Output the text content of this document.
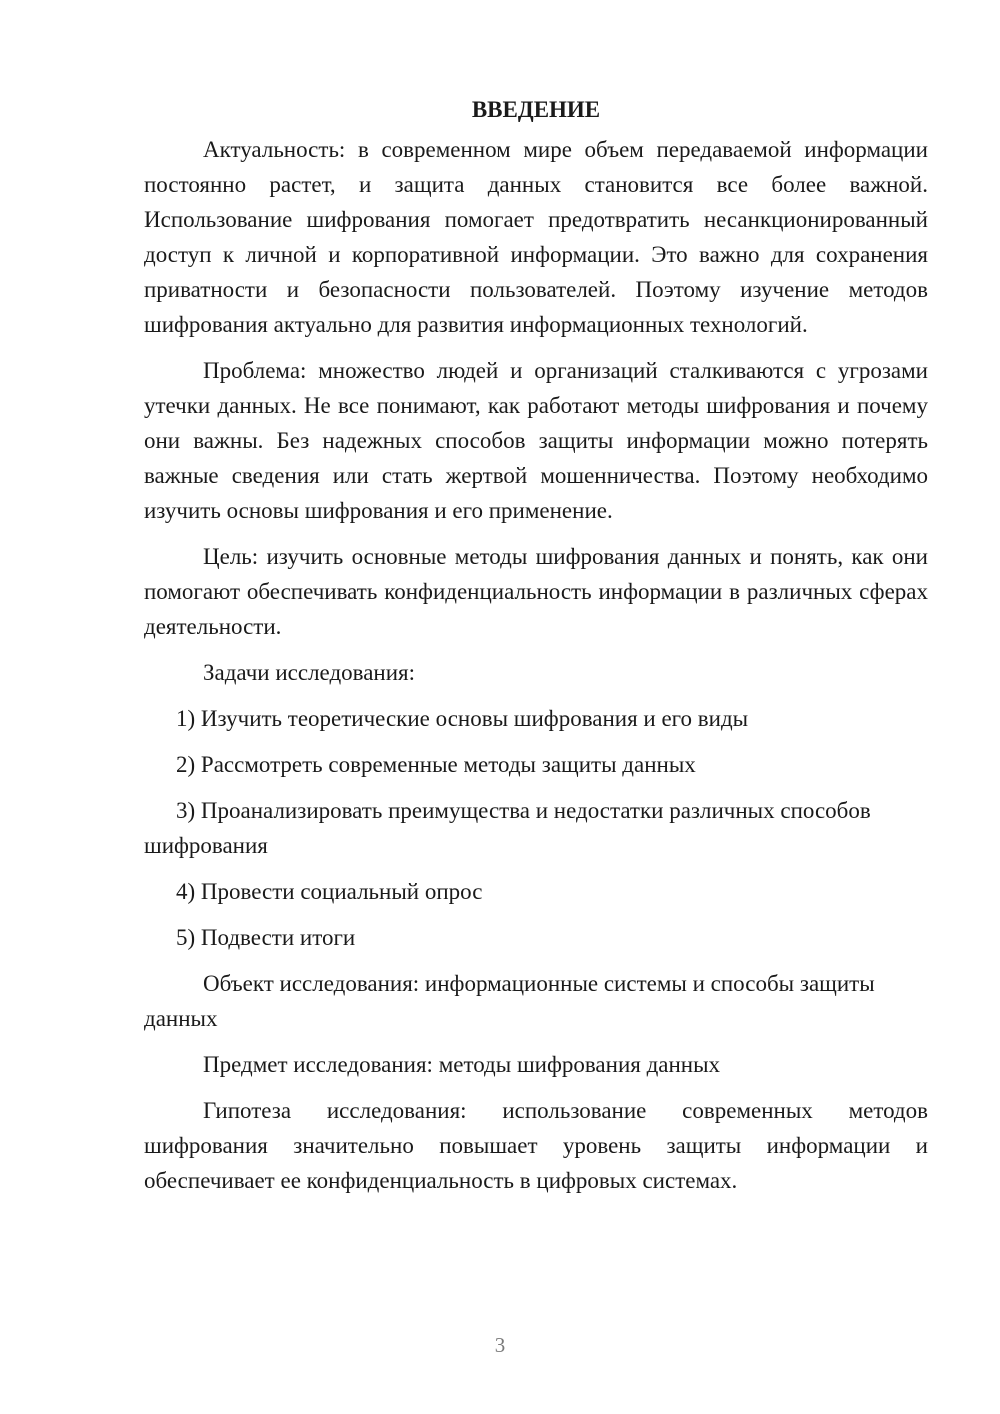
ВВЕДЕНИЕ

Актуальность: в современном мире объем передаваемой информации постоянно растет, и защита данных становится все более важной. Использование шифрования помогает предотвратить несанкционированный доступ к личной и корпоративной информации. Это важно для сохранения приватности и безопасности пользователей. Поэтому изучение методов шифрования актуально для развития информационных технологий.

Проблема: множество людей и организаций сталкиваются с угрозами утечки данных. Не все понимают, как работают методы шифрования и почему они важны. Без надежных способов защиты информации можно потерять важные сведения или стать жертвой мошенничества. Поэтому необходимо изучить основы шифрования и его применение.

Цель: изучить основные методы шифрования данных и понять, как они помогают обеспечивать конфиденциальность информации в различных сферах деятельности.

Задачи исследования:

1) Изучить теоретические основы шифрования и его виды

2) Рассмотреть современные методы защиты данных

3) Проанализировать преимущества и недостатки различных способов шифрования

4) Провести социальный опрос

5) Подвести итоги

Объект исследования: информационные системы и способы защиты данных

Предмет исследования: методы шифрования данных

Гипотеза исследования: использование современных методов шифрования значительно повышает уровень защиты информации и обеспечивает ее конфиденциальность в цифровых системах.

3
